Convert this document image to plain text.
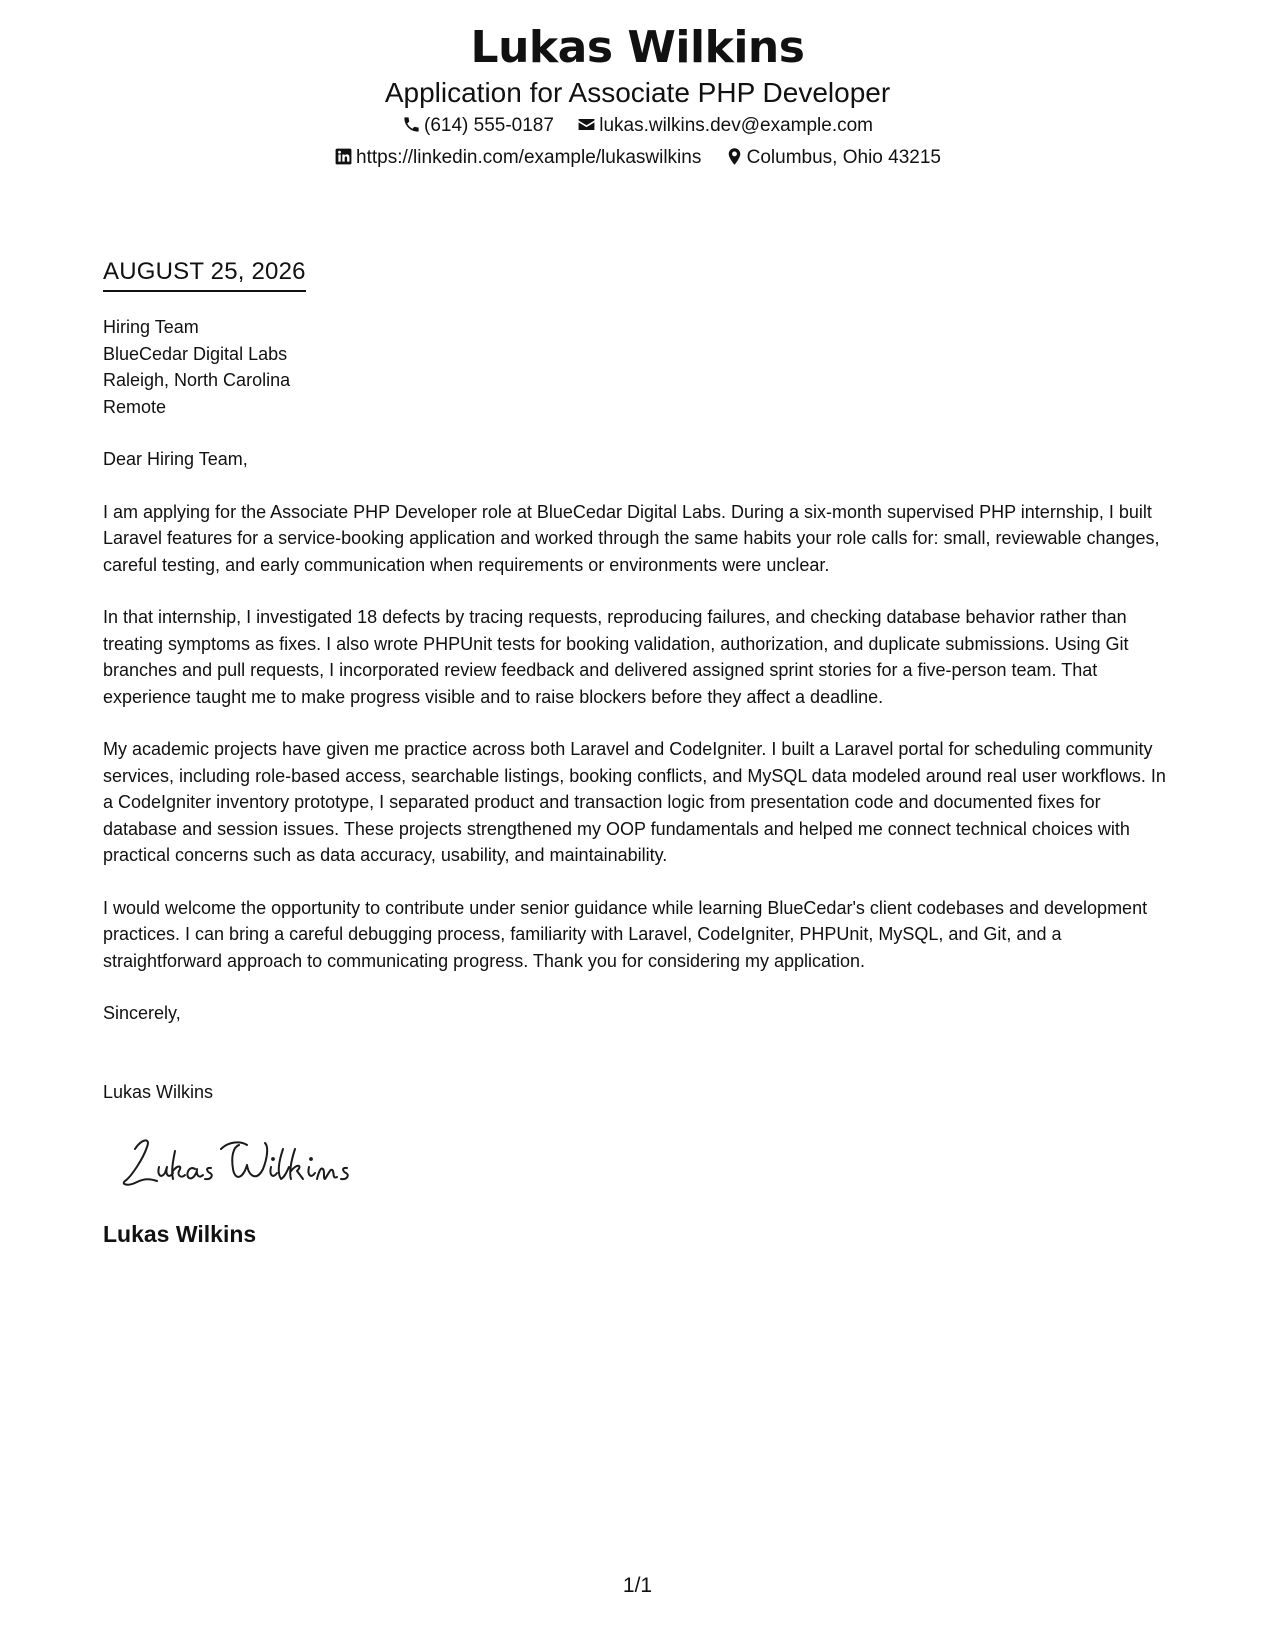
Lukas Wilkins
Application for Associate PHP Developer
(614) 555-0187 lukas.wilkins.dev@example.com
https://linkedin.com/example/lukaswilkins Columbus, Ohio 43215
AUGUST 25, 2026
Hiring Team
BlueCedar Digital Labs
Raleigh, North Carolina
Remote
Dear Hiring Team,
I am applying for the Associate PHP Developer role at BlueCedar Digital Labs. During a six-month supervised PHP internship, I built Laravel features for a service-booking application and worked through the same habits your role calls for: small, reviewable changes, careful testing, and early communication when requirements or environments were unclear.
In that internship, I investigated 18 defects by tracing requests, reproducing failures, and checking database behavior rather than treating symptoms as fixes. I also wrote PHPUnit tests for booking validation, authorization, and duplicate submissions. Using Git branches and pull requests, I incorporated review feedback and delivered assigned sprint stories for a five-person team. That experience taught me to make progress visible and to raise blockers before they affect a deadline.
My academic projects have given me practice across both Laravel and CodeIgniter. I built a Laravel portal for scheduling community services, including role-based access, searchable listings, booking conflicts, and MySQL data modeled around real user workflows. In a CodeIgniter inventory prototype, I separated product and transaction logic from presentation code and documented fixes for database and session issues. These projects strengthened my OOP fundamentals and helped me connect technical choices with practical concerns such as data accuracy, usability, and maintainability.
I would welcome the opportunity to contribute under senior guidance while learning BlueCedar's client codebases and development practices. I can bring a careful debugging process, familiarity with Laravel, CodeIgniter, PHPUnit, MySQL, and Git, and a straightforward approach to communicating progress. Thank you for considering my application.
Sincerely,
Lukas Wilkins
Lukas Wilkins
1/1
